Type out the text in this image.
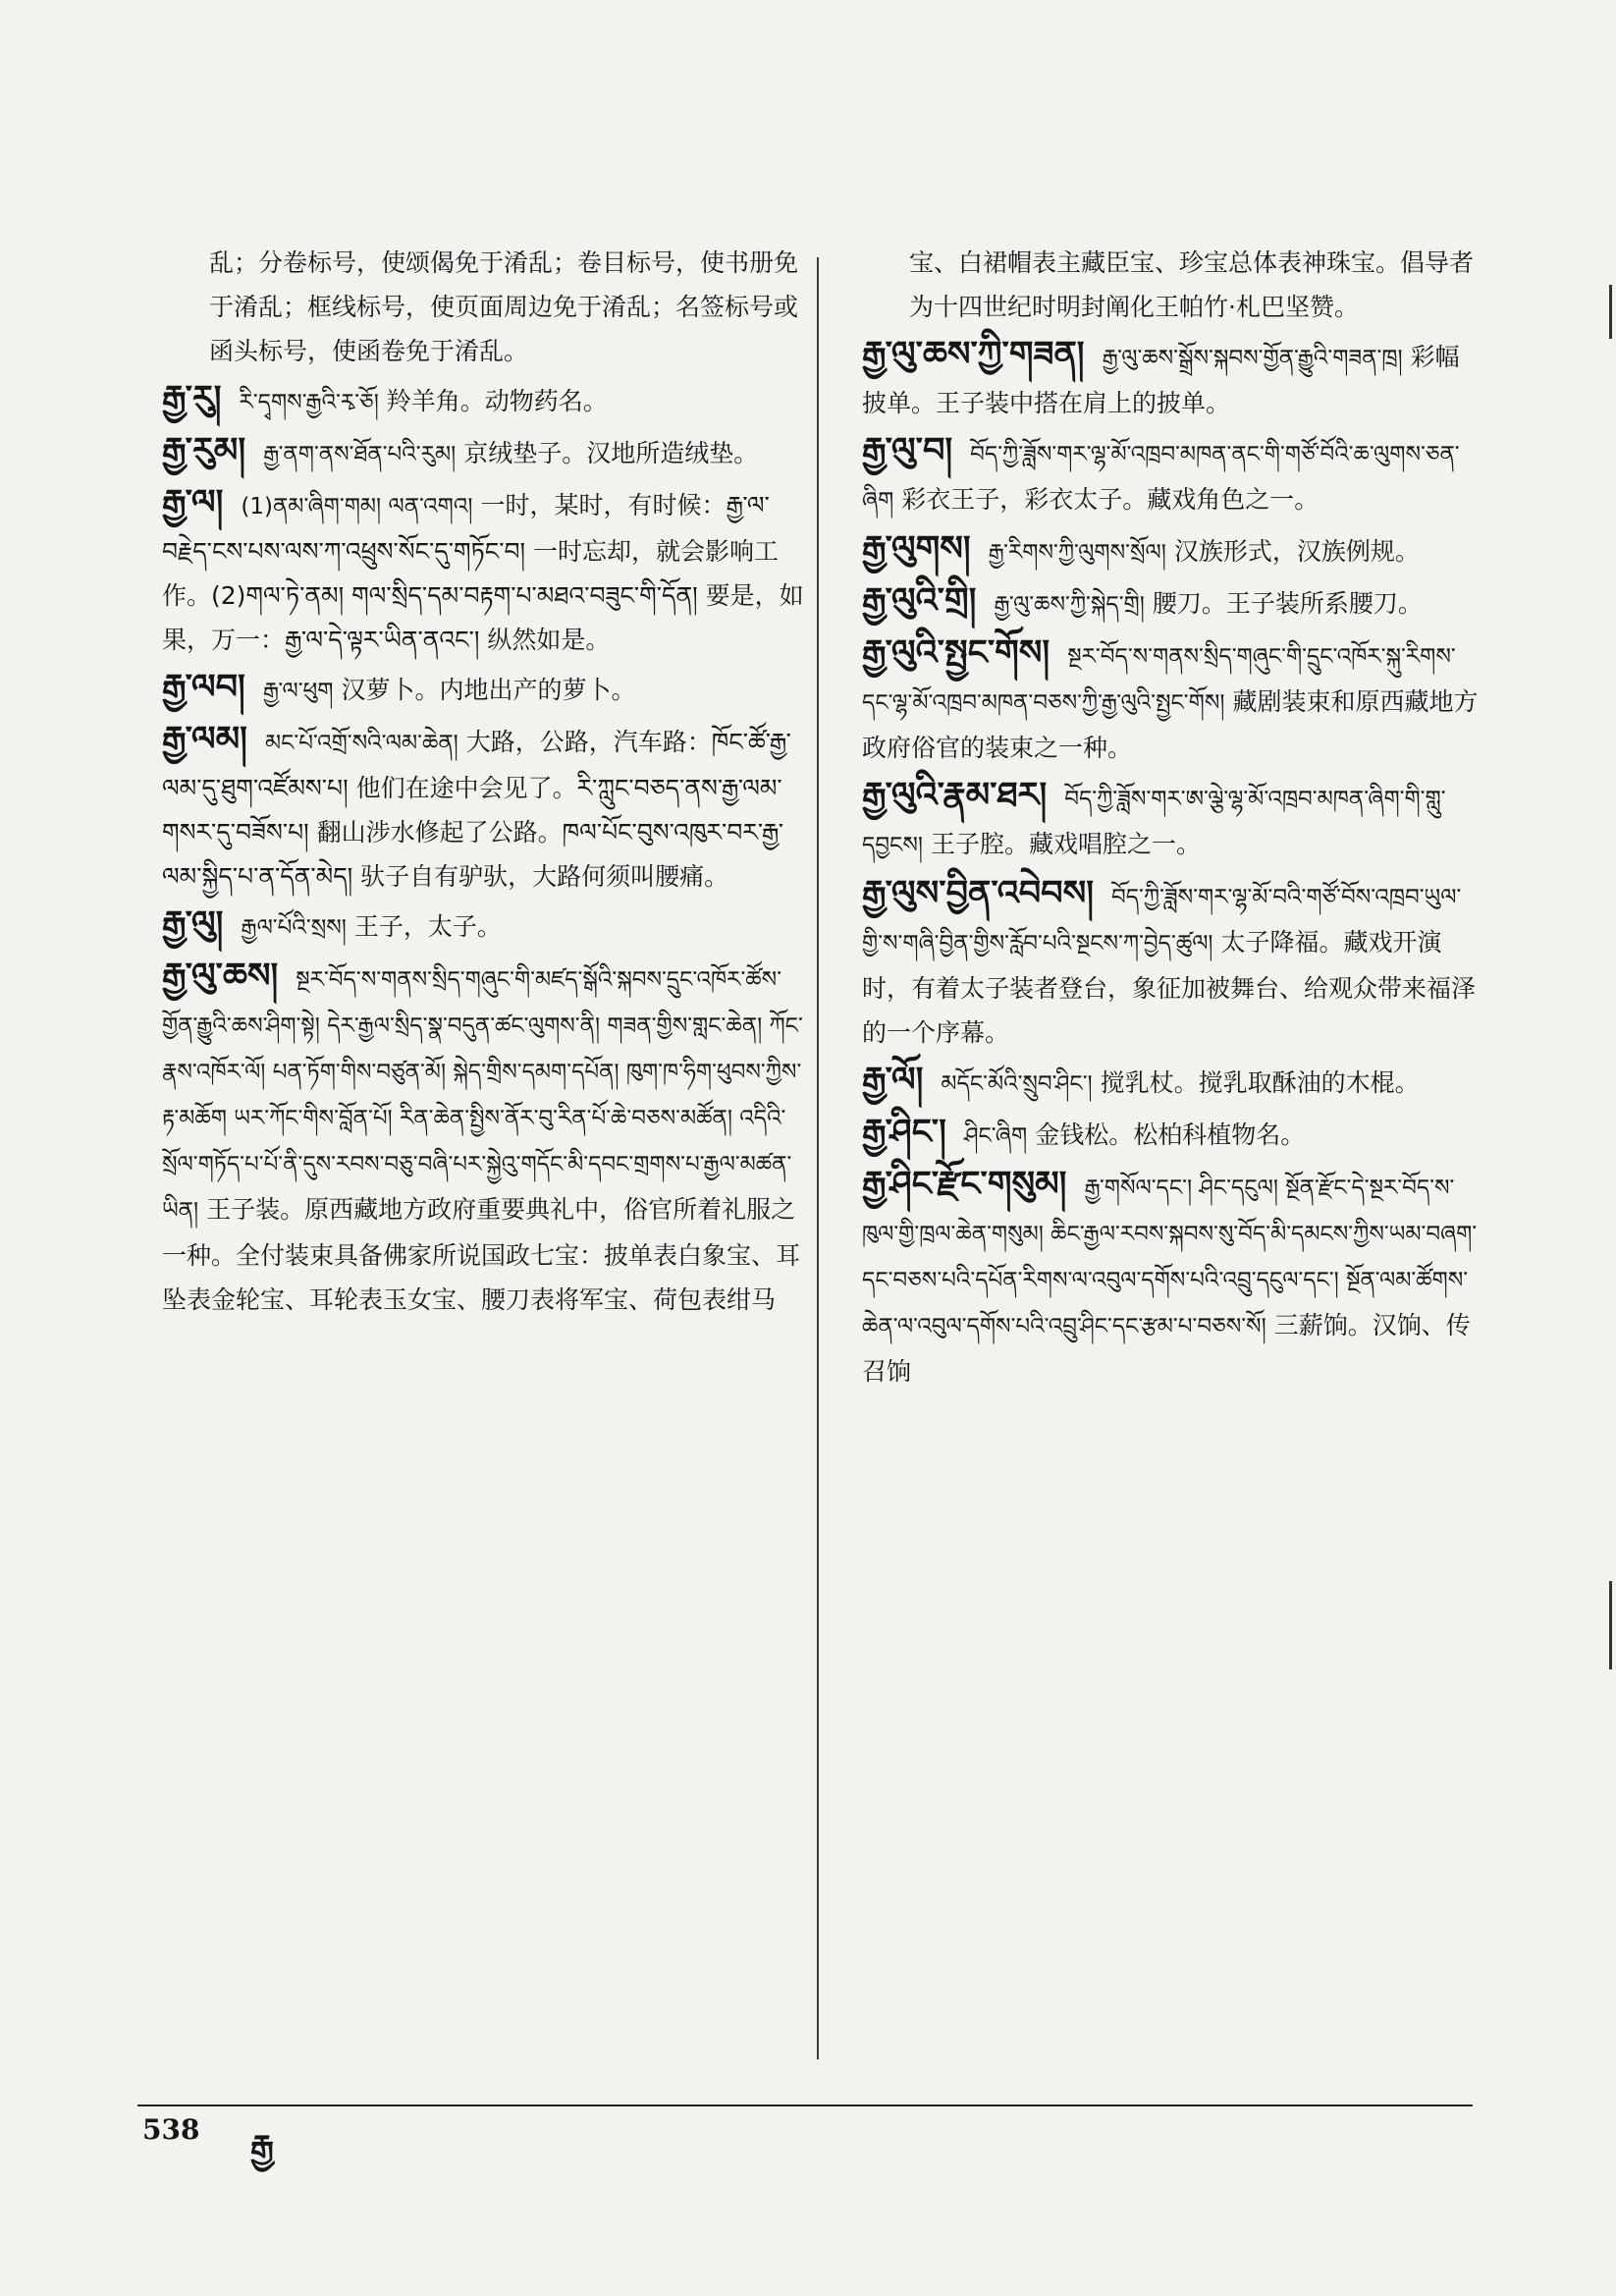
乱；分卷标号，使颂偈免于淆乱；卷目标号，使书册免于淆乱；框线标号，使页面周边免于淆乱；名签标号或函头标号，使函卷免于淆乱。
རྒྱ་རུ། རི་དྭགས་རྒྱའི་རྭ་ཅོ། 羚羊角。动物药名。
རྒྱ་རུམ། རྒྱ་ནག་ནས་ཐོན་པའི་རུམ། 京绒垫子。汉地所造绒垫。
རྒྱ་ལ། (1)ནམ་ཞིག་གམ། ལན་འགའ། 一时，某时，有时候：རྒྱ་ལ་བརྗེད་ངས་པས་ལས་ཀ་འཕྲུས་སོང་དུ་གཏོང་བ། 一时忘却，就会影响工作。(2)གལ་ཏེ་ནམ། གལ་སྲིད་དམ་བརྟག་པ་མཐའ་བཟུང་གི་དོན། 要是，如果，万一：རྒྱ་ལ་དེ་ལྟར་ཡིན་ནའང་། 纵然如是。
རྒྱ་ལབ། རྒྱ་ལ་ཕུག 汉萝卜。内地出产的萝卜。
རྒྱ་ལམ། མང་པོ་འགྲོ་སའི་ལམ་ཆེན། 大路，公路，汽车路：ཁོང་ཚོ་རྒྱ་ལམ་དུ་ཐུག་འཛོམས་པ། 他们在途中会见了。རི་ཀླུང་བཅད་ནས་རྒྱ་ལམ་གསར་དུ་བཟོས་པ། 翻山涉水修起了公路。ཁལ་པོང་བུས་འཁུར་བར་རྒྱ་ལམ་སྐྱིད་པ་ན་དོན་མེད། 驮子自有驴驮，大路何须叫腰痛。
རྒྱ་ལུ། རྒྱལ་པོའི་སྲས། 王子，太子。
རྒྱ་ལུ་ཆས། སྔར་བོད་ས་གནས་སྲིད་གཞུང་གི་མཛད་སྒོའི་སྐབས་དྲུང་འཁོར་ཚོས་གྱོན་རྒྱུའི་ཆས་ཤིག་སྟེ། དེར་རྒྱལ་སྲིད་སྣ་བདུན་ཚང་ལུགས་ནི། གཟན་གྱིས་གླང་ཆེན། ཀོང་རྣས་འཁོར་ལོ། པན་ཏོག་གིས་བཙུན་མོ། སྐེད་གྲིས་དམག་དཔོན། ཁུག་ཁ་ཧིག་ཕུབས་ཀྱིས་རྟ་མཆོག ཡར་ཀོང་གིས་བློན་པོ། རིན་ཆེན་སྤྱིས་ནོར་བུ་རིན་པོ་ཆེ་བཅས་མཚོན། འདིའི་སྲོལ་གཏོད་པ་པོ་ནི་དུས་རབས་བཅུ་བཞི་པར་སྐྱེའུ་གདོང་མི་དབང་གྲགས་པ་རྒྱལ་མཚན་ཡིན། 王子装。原西藏地方政府重要典礼中，俗官所着礼服之一种。全付装束具备佛家所说国政七宝：披单表白象宝、耳坠表金轮宝、耳轮表玉女宝、腰刀表将军宝、荷包表绀马
宝、白裙帽表主藏臣宝、珍宝总体表神珠宝。倡导者为十四世纪时明封阐化王帕竹·札巴坚赞。
རྒྱ་ལུ་ཆས་ཀྱི་གཟན། རྒྱ་ལུ་ཆས་སྒྲོས་སྐབས་གྱོན་རྒྱུའི་གཟན་ཁྲ། 彩幅披单。王子装中搭在肩上的披单。
རྒྱ་ལུ་བ། བོད་ཀྱི་ཟློས་གར་ལྷ་མོ་འཁྲབ་མཁན་ནང་གི་གཙོ་བོའི་ཆ་ལུགས་ཅན་ཞིག 彩衣王子，彩衣太子。藏戏角色之一。
རྒྱ་ལུགས། རྒྱ་རིགས་ཀྱི་ལུགས་སྲོལ། 汉族形式，汉族例规。
རྒྱ་ལུའི་གྲི། རྒྱ་ལུ་ཆས་ཀྱི་སྐེད་གྲི། 腰刀。王子装所系腰刀。
རྒྱ་ལུའི་སྤྱང་གོས། སྔར་བོད་ས་གནས་སྲིད་གཞུང་གི་དྲུང་འཁོར་སྐུ་རིགས་དང་ལྷ་མོ་འཁྲབ་མཁན་བཅས་ཀྱི་རྒྱ་ལུའི་སྤྱང་གོས། 藏剧装束和原西藏地方政府俗官的装束之一种。
རྒྱ་ལུའི་རྣམ་ཐར། བོད་ཀྱི་ཟློས་གར་ཨ་ལྕེ་ལྷ་མོ་འཁྲབ་མཁན་ཞིག་གི་གླུ་དབྱངས། 王子腔。藏戏唱腔之一。
རྒྱ་ལུས་བྱིན་འབེབས། བོད་ཀྱི་ཟློས་གར་ལྷ་མོ་བའི་གཙོ་བོས་འཁྲབ་ཡུལ་གྱི་ས་གཞི་བྱིན་གྱིས་རློབ་པའི་སྔངས་ཀ་བྱེད་ཚུལ། 太子降福。藏戏开演时，有着太子装者登台，象征加被舞台、给观众带来福泽的一个序幕。
རྒྱ་ལོ། མདོང་མོའི་སྲུབ་ཤིང་། 搅乳杖。搅乳取酥油的木棍。
རྒྱ་ཤིང་། ཤིང་ཞིག 金钱松。松柏科植物名。
རྒྱ་ཤིང་རྫོང་གསུམ། རྒྱ་གསོལ་དང་། ཤིང་དངུལ། སྔོན་རྫོང་དེ་སྔར་བོད་ས་ཁུལ་གྱི་ཁྲལ་ཆེན་གསུམ། ཆིང་རྒྱལ་རབས་སྐབས་སུ་བོད་མི་དམངས་ཀྱིས་ཡམ་བཞག་དང་བཅས་པའི་དཔོན་རིགས་ལ་འབུལ་དགོས་པའི་འབྲུ་དངུལ་དང་། སྔོན་ལམ་ཚོགས་ཆེན་ལ་འབུལ་དགོས་པའི་འབྲུ་ཤིང་དང་རྩམ་པ་བཅས་སོ། 三薪饷。汉饷、传召饷
538 རྒྱ
